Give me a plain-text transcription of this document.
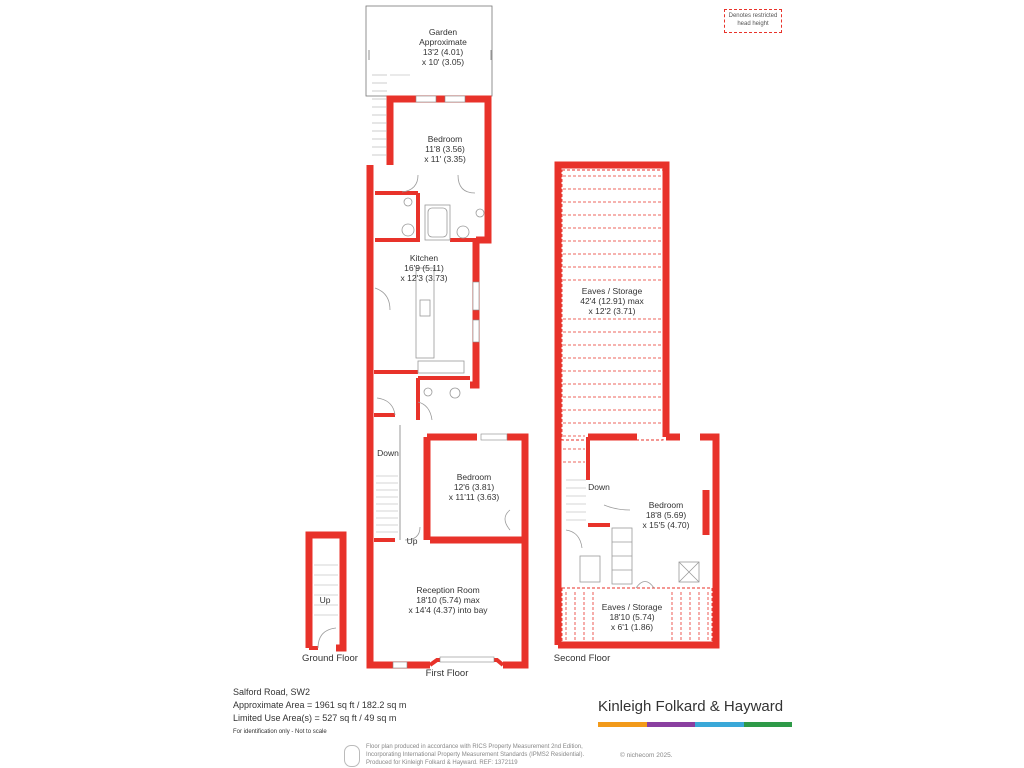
Garden
Approximate
13'2 (4.01)
x 10' (3.05)
Bedroom
11'8 (3.56)
x 11' (3.35)
Kitchen
16'9 (5.11)
x 12'3 (3.73)
Bedroom
12'6 (3.81)
x 11'11 (3.63)
Reception Room
18'10 (5.74) max
x 14'4 (4.37) into bay
Eaves / Storage
42'4 (12.91) max
x 12'2 (3.71)
Bedroom
18'8 (5.69)
x 15'5 (4.70)
Eaves / Storage
18'10 (5.74)
x 6'1 (1.86)
Down
Up
Up
Down
Ground Floor
First Floor
Second Floor
Denotes restricted head height
Salford Road, SW2
Approximate Area = 1961 sq ft / 182.2 sq m
Limited Use Area(s) = 527 sq ft / 49 sq m
For identification only - Not to scale
Kinleigh Folkard & Hayward
Floor plan produced in accordance with RICS Property Measurement 2nd Edition,
Incorporating International Property Measurement Standards (IPMS2 Residential).
Produced for Kinleigh Folkard & Hayward. REF: 1372119
© nichecom 2025.
